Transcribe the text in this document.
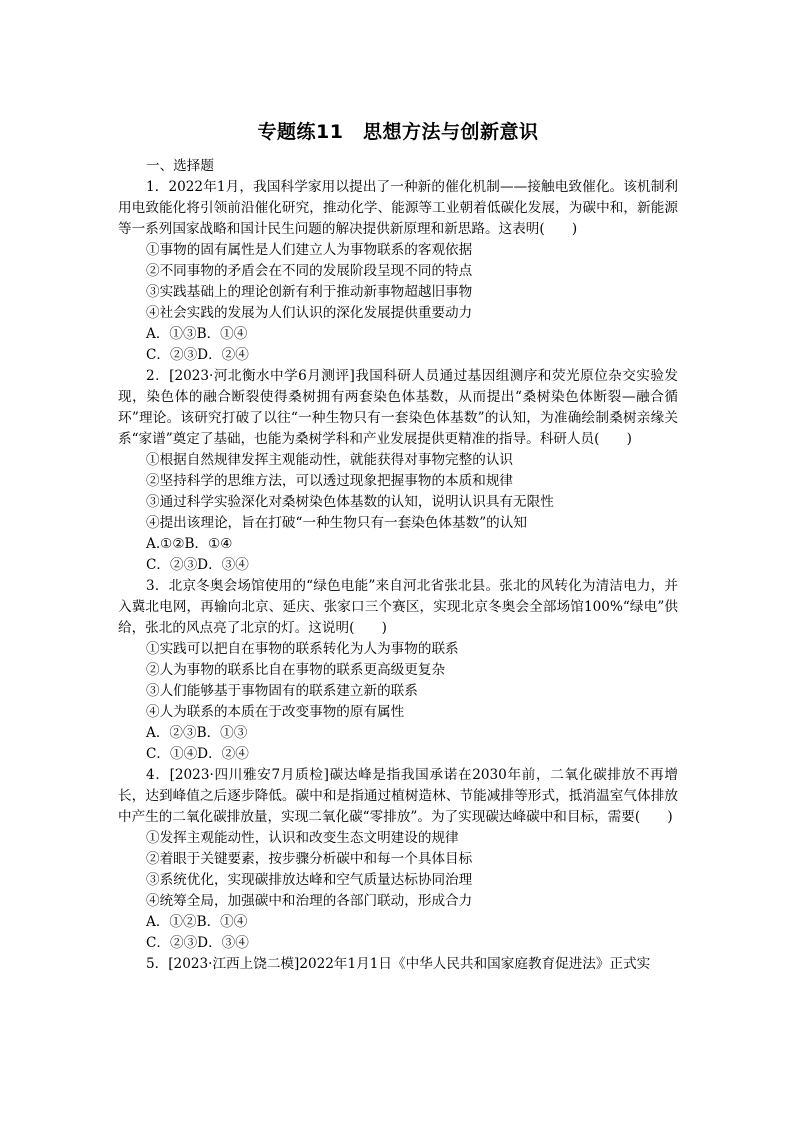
专题练11　思想方法与创新意识

一、选择题

1．2022年1月，我国科学家用以提出了一种新的催化机制——接触电致催化。该机制利用电致能化将引领前沿催化研究，推动化学、能源等工业朝着低碳化发展，为碳中和，新能源等一系列国家战略和国计民生问题的解决提供新原理和新思路。这表明(　　)

①事物的固有属性是人们建立人为事物联系的客观依据

②不同事物的矛盾会在不同的发展阶段呈现不同的特点

③实践基础上的理论创新有利于推动新事物超越旧事物

④社会实践的发展为人们认识的深化发展提供重要动力

A．①③B．①④

C．②③D．②④

2．[2023·河北衡水中学6月测评]我国科研人员通过基因组测序和荧光原位杂交实验发现，染色体的融合断裂使得桑树拥有两套染色体基数，从而提出“桑树染色体断裂—融合循环”理论。该研究打破了以往“一种生物只有一套染色体基数”的认知，为准确绘制桑树亲缘关系“家谱”奠定了基础，也能为桑树学科和产业发展提供更精准的指导。科研人员(　　)

①根据自然规律发挥主观能动性，就能获得对事物完整的认识

②坚持科学的思维方法，可以透过现象把握事物的本质和规律

③通过科学实验深化对桑树染色体基数的认知，说明认识具有无限性

④提出该理论，旨在打破“一种生物只有一套染色体基数”的认知

A.①②B．①④

C．②③D．③④

3．北京冬奥会场馆使用的“绿色电能”来自河北省张北县。张北的风转化为清洁电力，并入冀北电网，再输向北京、延庆、张家口三个赛区，实现北京冬奥会全部场馆100%“绿电”供给，张北的风点亮了北京的灯。这说明(　　)

①实践可以把自在事物的联系转化为人为事物的联系

②人为事物的联系比自在事物的联系更高级更复杂

③人们能够基于事物固有的联系建立新的联系

④人为联系的本质在于改变事物的原有属性

A．②③B．①③

C．①④D．②④

4．[2023·四川雅安7月质检]碳达峰是指我国承诺在2030年前，二氧化碳排放不再增长，达到峰值之后逐步降低。碳中和是指通过植树造林、节能减排等形式，抵消温室气体排放中产生的二氧化碳排放量，实现二氧化碳“零排放”。为了实现碳达峰碳中和目标，需要(　　)

①发挥主观能动性，认识和改变生态文明建设的规律

②着眼于关键要素，按步骤分析碳中和每一个具体目标

③系统优化，实现碳排放达峰和空气质量达标协同治理

④统筹全局，加强碳中和治理的各部门联动，形成合力

A．①②B．①④

C．②③D．③④

5．[2023·江西上饶二模]2022年1月1日《中华人民共和国家庭教育促进法》正式实
